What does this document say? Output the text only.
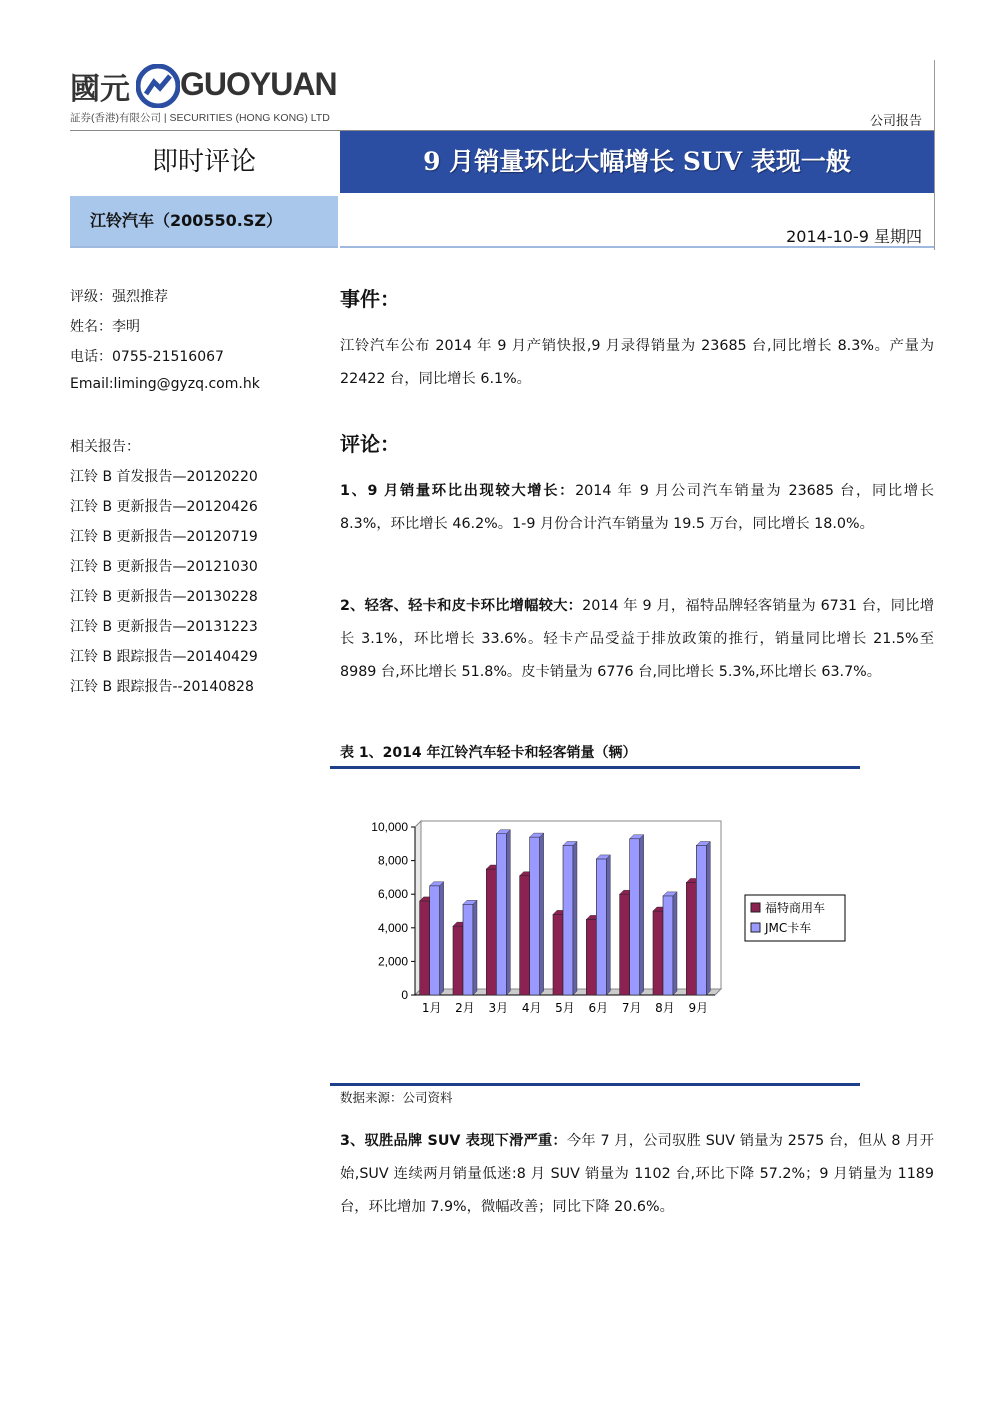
國元 GUOYUAN
証券(香港)有限公司 | SECURITIES (HONG KONG) LTD	公司报告
即时评论	9 月销量环比大幅增长 SUV 表现一般
江铃汽车（200550.SZ）
2014-10-9 星期四
评级：强烈推荐
姓名：李明
电话：0755-21516067
Email:liming@gyzq.com.hk
相关报告：
江铃 B 首发报告—20120220
江铃 B 更新报告—20120426
江铃 B 更新报告—20120719
江铃 B 更新报告—20121030
江铃 B 更新报告—20130228
江铃 B 更新报告—20131223
江铃 B 跟踪报告—20140429
江铃 B 跟踪报告--20140828
事件：
江铃汽车公布 2014 年 9 月产销快报,9 月录得销量为 23685 台,同比增长 8.3%。产量为 22422 台，同比增长 6.1%。
评论：
1、9 月销量环比出现较大增长：2014 年 9 月公司汽车销量为 23685 台，同比增长 8.3%，环比增长 46.2%。1-9 月份合计汽车销量为 19.5 万台，同比增长 18.0%。
2、轻客、轻卡和皮卡环比增幅较大：2014 年 9 月，福特品牌轻客销量为 6731 台，同比增长 3.1%，环比增长 33.6%。轻卡产品受益于排放政策的推行，销量同比增长 21.5%至 8989 台,环比增长 51.8%。皮卡销量为 6776 台,同比增长 5.3%,环比增长 63.7%。
表 1、2014 年江铃汽车轻卡和轻客销量（辆）
0
2,000
4,000
6,000
8,000
10,000
1月 2月 3月 4月 5月 6月 7月 8月 9月
福特商用车
JMC卡车
数据来源：公司资料
3、驭胜品牌 SUV 表现下滑严重：今年 7 月，公司驭胜 SUV 销量为 2575 台，但从 8 月开始,SUV 连续两月销量低迷:8 月 SUV 销量为 1102 台,环比下降 57.2%；9 月销量为 1189 台，环比增加 7.9%，微幅改善；同比下降 20.6%。
